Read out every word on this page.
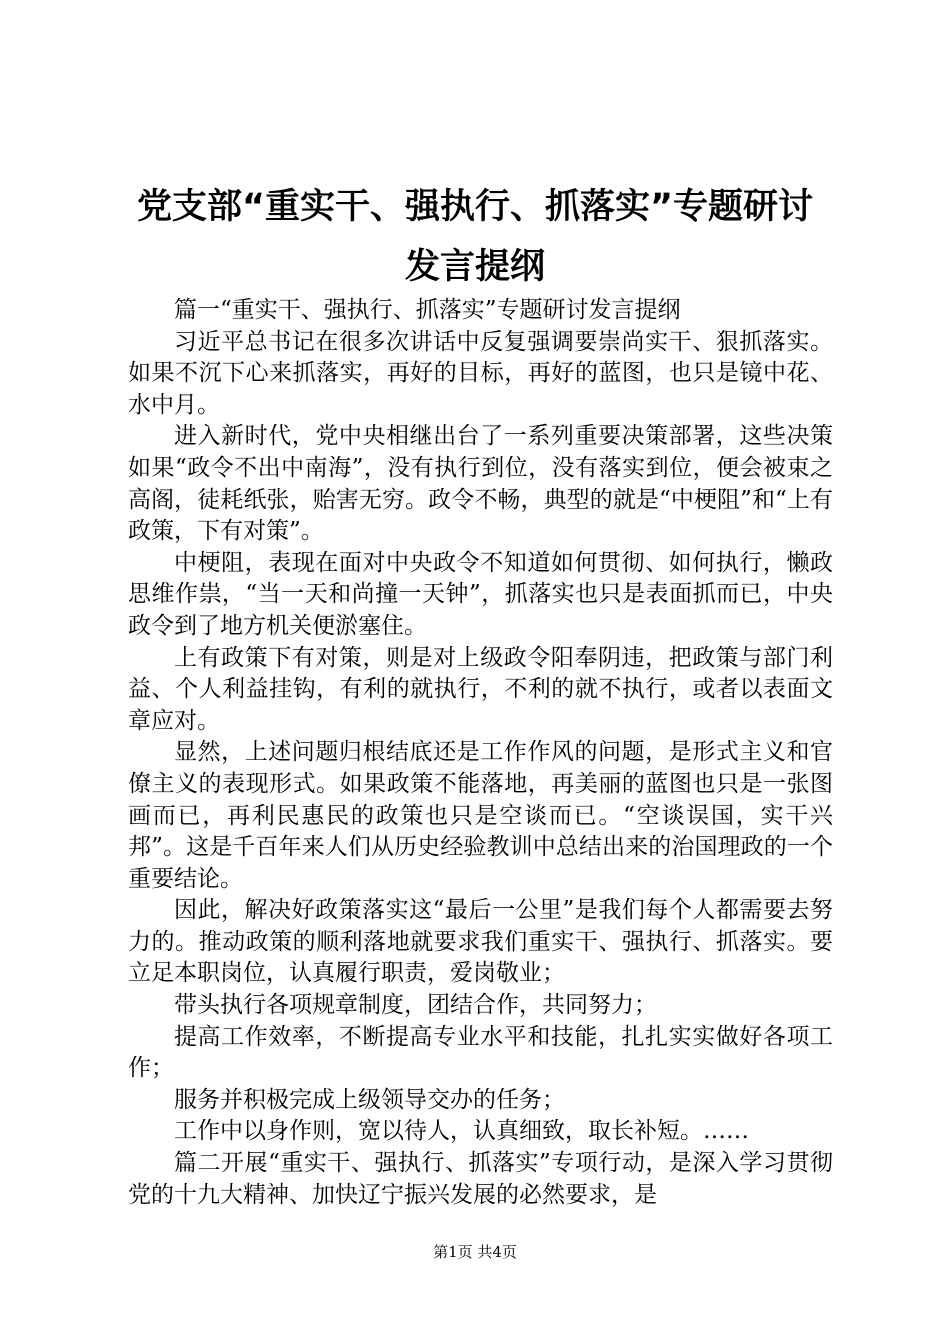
党支部“重实干、强执行、抓落实”专题研讨
发言提纲

篇一“重实干、强执行、抓落实”专题研讨发言提纲

习近平总书记在很多次讲话中反复强调要崇尚实干、狠抓落实。如果不沉下心来抓落实，再好的目标，再好的蓝图，也只是镜中花、水中月。

进入新时代，党中央相继出台了一系列重要决策部署，这些决策如果“政令不出中南海”，没有执行到位，没有落实到位，便会被束之高阁，徒耗纸张，贻害无穷。政令不畅，典型的就是“中梗阻”和“上有政策，下有对策”。

中梗阻，表现在面对中央政令不知道如何贯彻、如何执行，懒政思维作祟，“当一天和尚撞一天钟”，抓落实也只是表面抓而已，中央政令到了地方机关便淤塞住。

上有政策下有对策，则是对上级政令阳奉阴违，把政策与部门利益、个人利益挂钩，有利的就执行，不利的就不执行，或者以表面文章应对。

显然，上述问题归根结底还是工作作风的问题，是形式主义和官僚主义的表现形式。如果政策不能落地，再美丽的蓝图也只是一张图画而已，再利民惠民的政策也只是空谈而已。“空谈误国，实干兴邦”。这是千百年来人们从历史经验教训中总结出来的治国理政的一个重要结论。

因此，解决好政策落实这“最后一公里”是我们每个人都需要去努力的。推动政策的顺利落地就要求我们重实干、强执行、抓落实。要立足本职岗位，认真履行职责，爱岗敬业；

带头执行各项规章制度，团结合作，共同努力；

提高工作效率，不断提高专业水平和技能，扎扎实实做好各项工作；

服务并积极完成上级领导交办的任务；

工作中以身作则，宽以待人，认真细致，取长补短。……

篇二开展“重实干、强执行、抓落实”专项行动，是深入学习贯彻党的十九大精神、加快辽宁振兴发展的必然要求，是

第1页 共4页
